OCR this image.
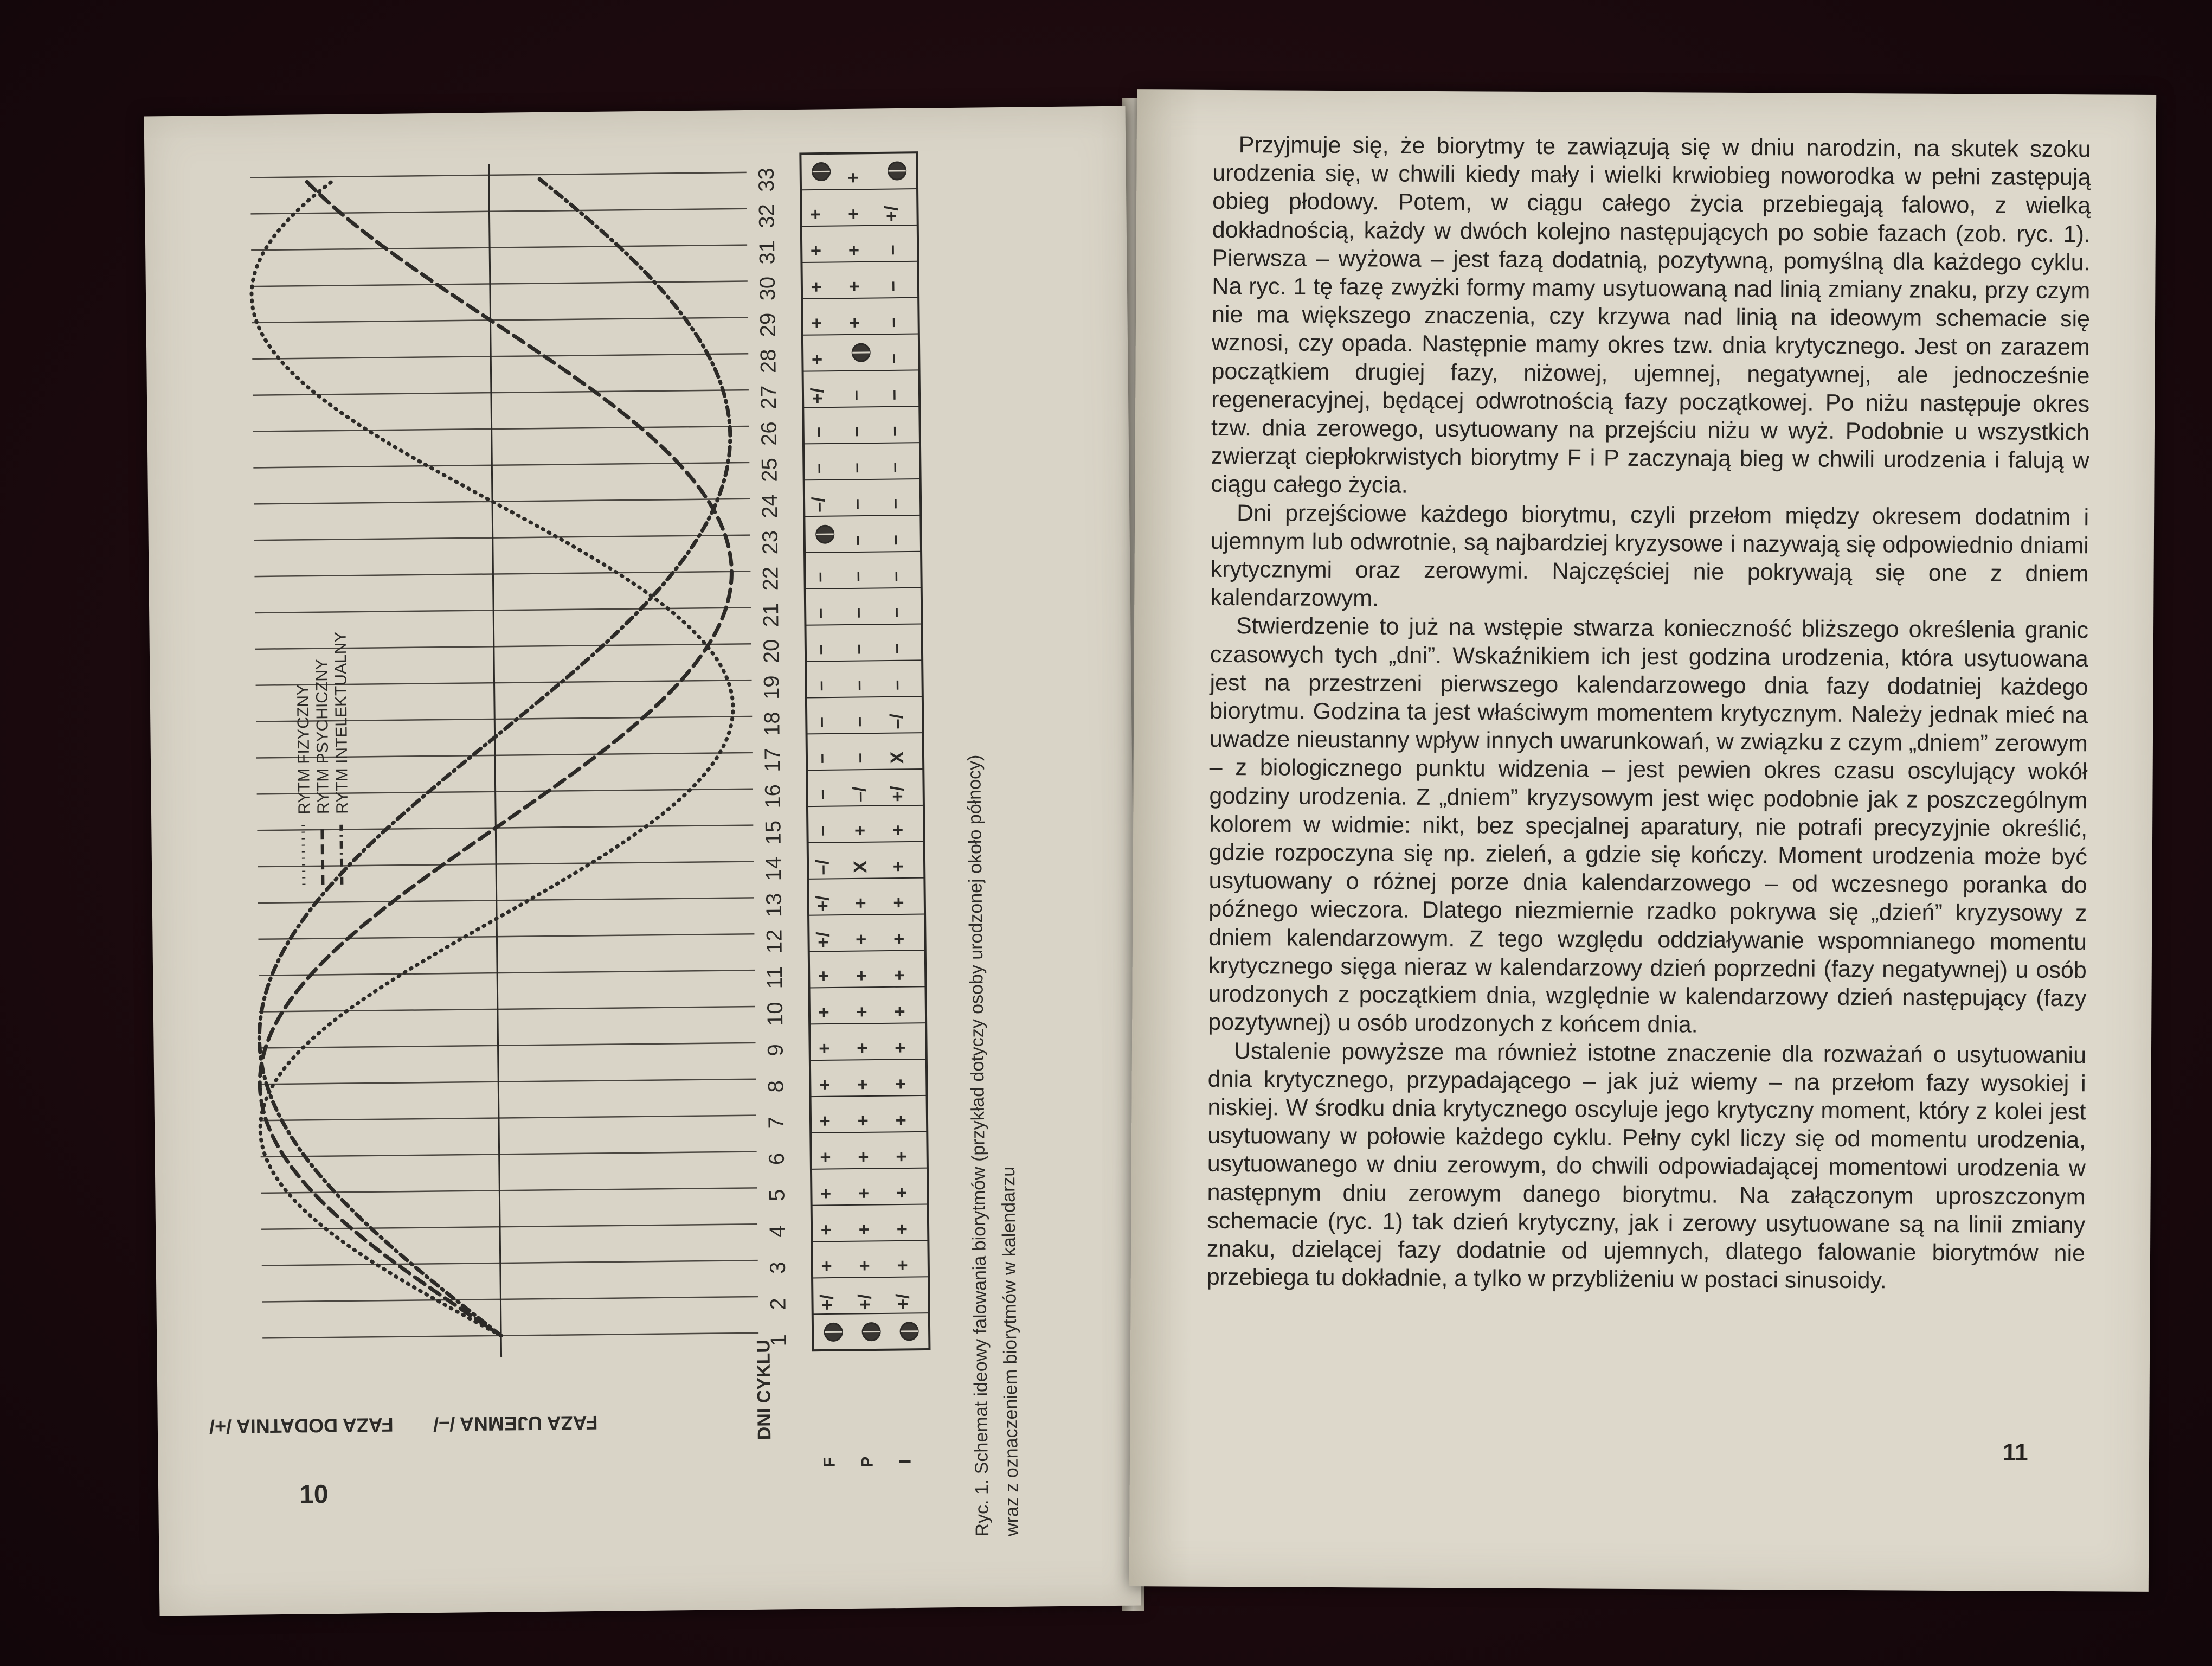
1
2
3
4
5
6
7
8
9
10
11
12
13
14
15
16
17
18
19
20
21
22
23
24
25
26
27
28
29
30
31
32
33
+/
+
+
+
+
+
+
+
+
+
+/
+/
–/
–
–
–
–
–
–
–
–
–/
–
–
+/
+
+
+
+
+
+/
+
+
+
+
+
+
+
+
+
+
+
X
+
–/
–
–
–
–
–
–
–
–
–
–
–
+
+
+
+
+
+/
+
+
+
+
+
+
+
+
+
+
+
+
+
+/
X
–/
–
–
–
–
–
–
–
–
–
–
–
–
–
+/
FAZA DODATNIA /+/ FAZA UJEMNA /–/	DNI CYKLU
RYTM FIZYCZNY RYTM PSYCHICZNY
RYTM INTELEKTUALNY
F P I	Ryc. 1. Schemat ideowy falowania biorytmów (przykład dotyczy osoby urodzonej około północy) wraz z oznaczeniem biorytmów w kalendarzu
10

Przyjmuje się, że biorytmy te zawiązują się w dniu narodzin, na skutek szoku urodzenia się, w chwili kiedy mały i wielki krwiobieg noworodka w pełni zastępują obieg płodowy. Potem, w ciągu całego życia przebiegają falowo, z wielką dokładnością, każdy w dwóch kolejno następujących po sobie fazach (zob. ryc. 1). Pierwsza – wyżowa – jest fazą dodatnią, pozytywną, pomyślną dla każdego cyklu. Na ryc. 1 tę fazę zwyżki formy mamy usytuowaną nad linią zmiany znaku, przy czym nie ma większego znaczenia, czy krzywa nad linią na ideowym schemacie się wznosi, czy opada. Następnie mamy okres tzw. dnia krytycznego. Jest on zarazem początkiem drugiej fazy, niżowej, ujemnej, negatywnej, ale jednocześnie regeneracyjnej, będącej odwrotnością fazy początkowej. Po niżu następuje okres tzw. dnia zerowego, usytuowany na przejściu niżu w wyż. Podobnie u wszystkich zwierząt ciepłokrwistych biorytmy F i P zaczynają bieg w chwili urodzenia i falują w ciągu całego życia.

Dni przejściowe każdego biorytmu, czyli przełom między okresem dodatnim i ujemnym lub odwrotnie, są najbardziej kryzysowe i nazywają się odpowiednio dniami krytycznymi oraz zerowymi. Najczęściej nie pokrywają się one z dniem kalendarzowym.

Stwierdzenie to już na wstępie stwarza konieczność bliższego określenia granic czasowych tych „dni”. Wskaźnikiem ich jest godzina urodzenia, która usytuowana jest na przestrzeni pierwszego kalendarzowego dnia fazy dodatniej każdego biorytmu. Godzina ta jest właściwym momentem krytycznym. Należy jednak mieć na uwadze nieustanny wpływ innych uwarunkowań, w związku z czym „dniem” zerowym – z biologicznego punktu widzenia – jest pewien okres czasu oscylujący wokół godziny urodzenia. Z „dniem” kryzysowym jest więc podobnie jak z poszczególnym kolorem w widmie: nikt, bez specjalnej aparatury, nie potrafi precyzyjnie określić, gdzie rozpoczyna się np. zieleń, a gdzie się kończy. Moment urodzenia może być usytuowany o różnej porze dnia kalendarzowego – od wczesnego poranka do późnego wieczora. Dlatego niezmiernie rzadko pokrywa się „dzień” kryzysowy z dniem kalendarzowym. Z tego względu oddziaływanie wspomnianego momentu krytycznego sięga nieraz w kalendarzowy dzień poprzedni (fazy negatywnej) u osób urodzonych z początkiem dnia, względnie w kalendarzowy dzień następujący (fazy pozytywnej) u osób urodzonych z końcem dnia.

Ustalenie powyższe ma również istotne znaczenie dla rozważań o usytuowaniu dnia krytycznego, przypadającego – jak już wiemy – na przełom fazy wysokiej i niskiej. W środku dnia krytycznego oscyluje jego krytyczny moment, który z kolei jest usytuowany w połowie każdego cyklu. Pełny cykl liczy się od momentu urodzenia, usytuowanego w dniu zerowym, do chwili odpowiadającej momentowi urodzenia w następnym dniu zerowym danego biorytmu. Na załączonym uproszczonym schemacie (ryc. 1) tak dzień krytyczny, jak i zerowy usytuowane są na linii zmiany znaku, dzielącej fazy dodatnie od ujemnych, dlatego falowanie biorytmów nie przebiega tu dokładnie, a tylko w przybliżeniu w postaci sinusoidy.

11
